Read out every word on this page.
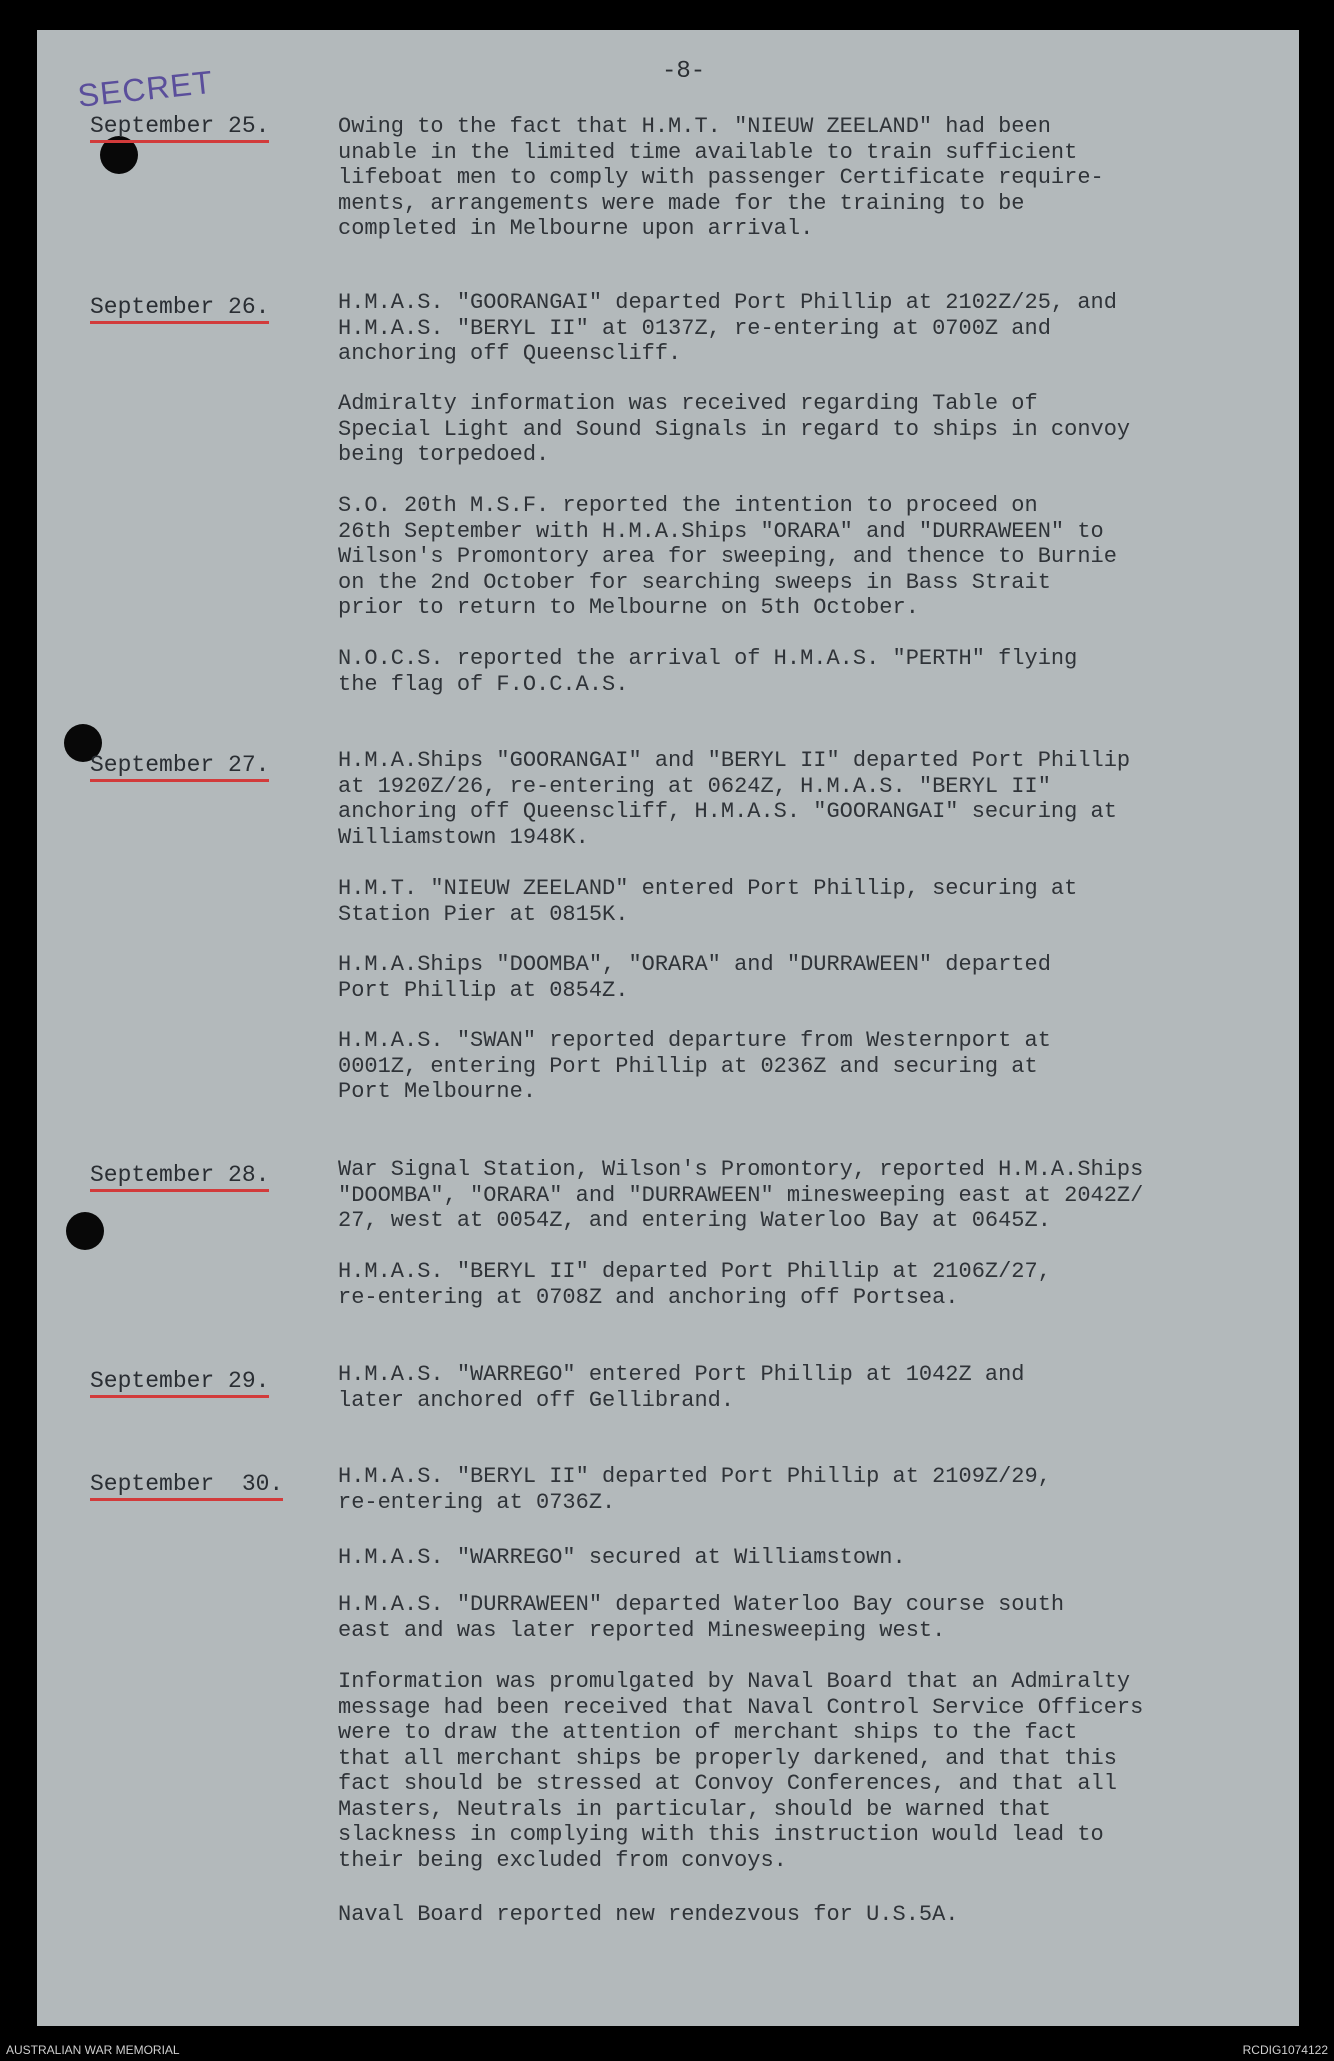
-8-
SECRET
September 25.	Owing to the fact that H.M.T. "NIEUW ZEELAND" had been
unable in the limited time available to train sufficient
lifeboat men to comply with passenger Certificate require-
ments, arrangements were made for the training to be
completed in Melbourne upon arrival.

September 26.	H.M.A.S. "GOORANGAI" departed Port Phillip at 2102Z/25, and
H.M.A.S. "BERYL II" at 0137Z, re-entering at 0700Z and
anchoring off Queenscliff.

Admiralty information was received regarding Table of
Special Light and Sound Signals in regard to ships in convoy
being torpedoed.

S.O. 20th M.S.F. reported the intention to proceed on
26th September with H.M.A.Ships "ORARA" and "DURRAWEEN" to
Wilson's Promontory area for sweeping, and thence to Burnie
on the 2nd October for searching sweeps in Bass Strait
prior to return to Melbourne on 5th October.

N.O.C.S. reported the arrival of H.M.A.S. "PERTH" flying
the flag of F.O.C.A.S.

September 27.	H.M.A.Ships "GOORANGAI" and "BERYL II" departed Port Phillip
at 1920Z/26, re-entering at 0624Z, H.M.A.S. "BERYL II"
anchoring off Queenscliff, H.M.A.S. "GOORANGAI" securing at
Williamstown 1948K.

H.M.T. "NIEUW ZEELAND" entered Port Phillip, securing at
Station Pier at 0815K.

H.M.A.Ships "DOOMBA", "ORARA" and "DURRAWEEN" departed
Port Phillip at 0854Z.

H.M.A.S. "SWAN" reported departure from Westernport at
0001Z, entering Port Phillip at 0236Z and securing at
Port Melbourne.

September 28.	War Signal Station, Wilson's Promontory, reported H.M.A.Ships
"DOOMBA", "ORARA" and "DURRAWEEN" minesweeping east at 2042Z/
27, west at 0054Z, and entering Waterloo Bay at 0645Z.

H.M.A.S. "BERYL II" departed Port Phillip at 2106Z/27,
re-entering at 0708Z and anchoring off Portsea.

September 29.	H.M.A.S. "WARREGO" entered Port Phillip at 1042Z and
later anchored off Gellibrand.

September  30. H.M.A.S. "BERYL II" departed Port Phillip at 2109Z/29,
re-entering at 0736Z.

H.M.A.S. "WARREGO" secured at Williamstown.

H.M.A.S. "DURRAWEEN" departed Waterloo Bay course south
east and was later reported Minesweeping west.

Information was promulgated by Naval Board that an Admiralty
message had been received that Naval Control Service Officers
were to draw the attention of merchant ships to the fact
that all merchant ships be properly darkened, and that this
fact should be stressed at Convoy Conferences, and that all
Masters, Neutrals in particular, should be warned that
slackness in complying with this instruction would lead to
their being excluded from convoys.

Naval Board reported new rendezvous for U.S.5A.

AUSTRALIAN WAR MEMORIAL	RCDIG1074122
